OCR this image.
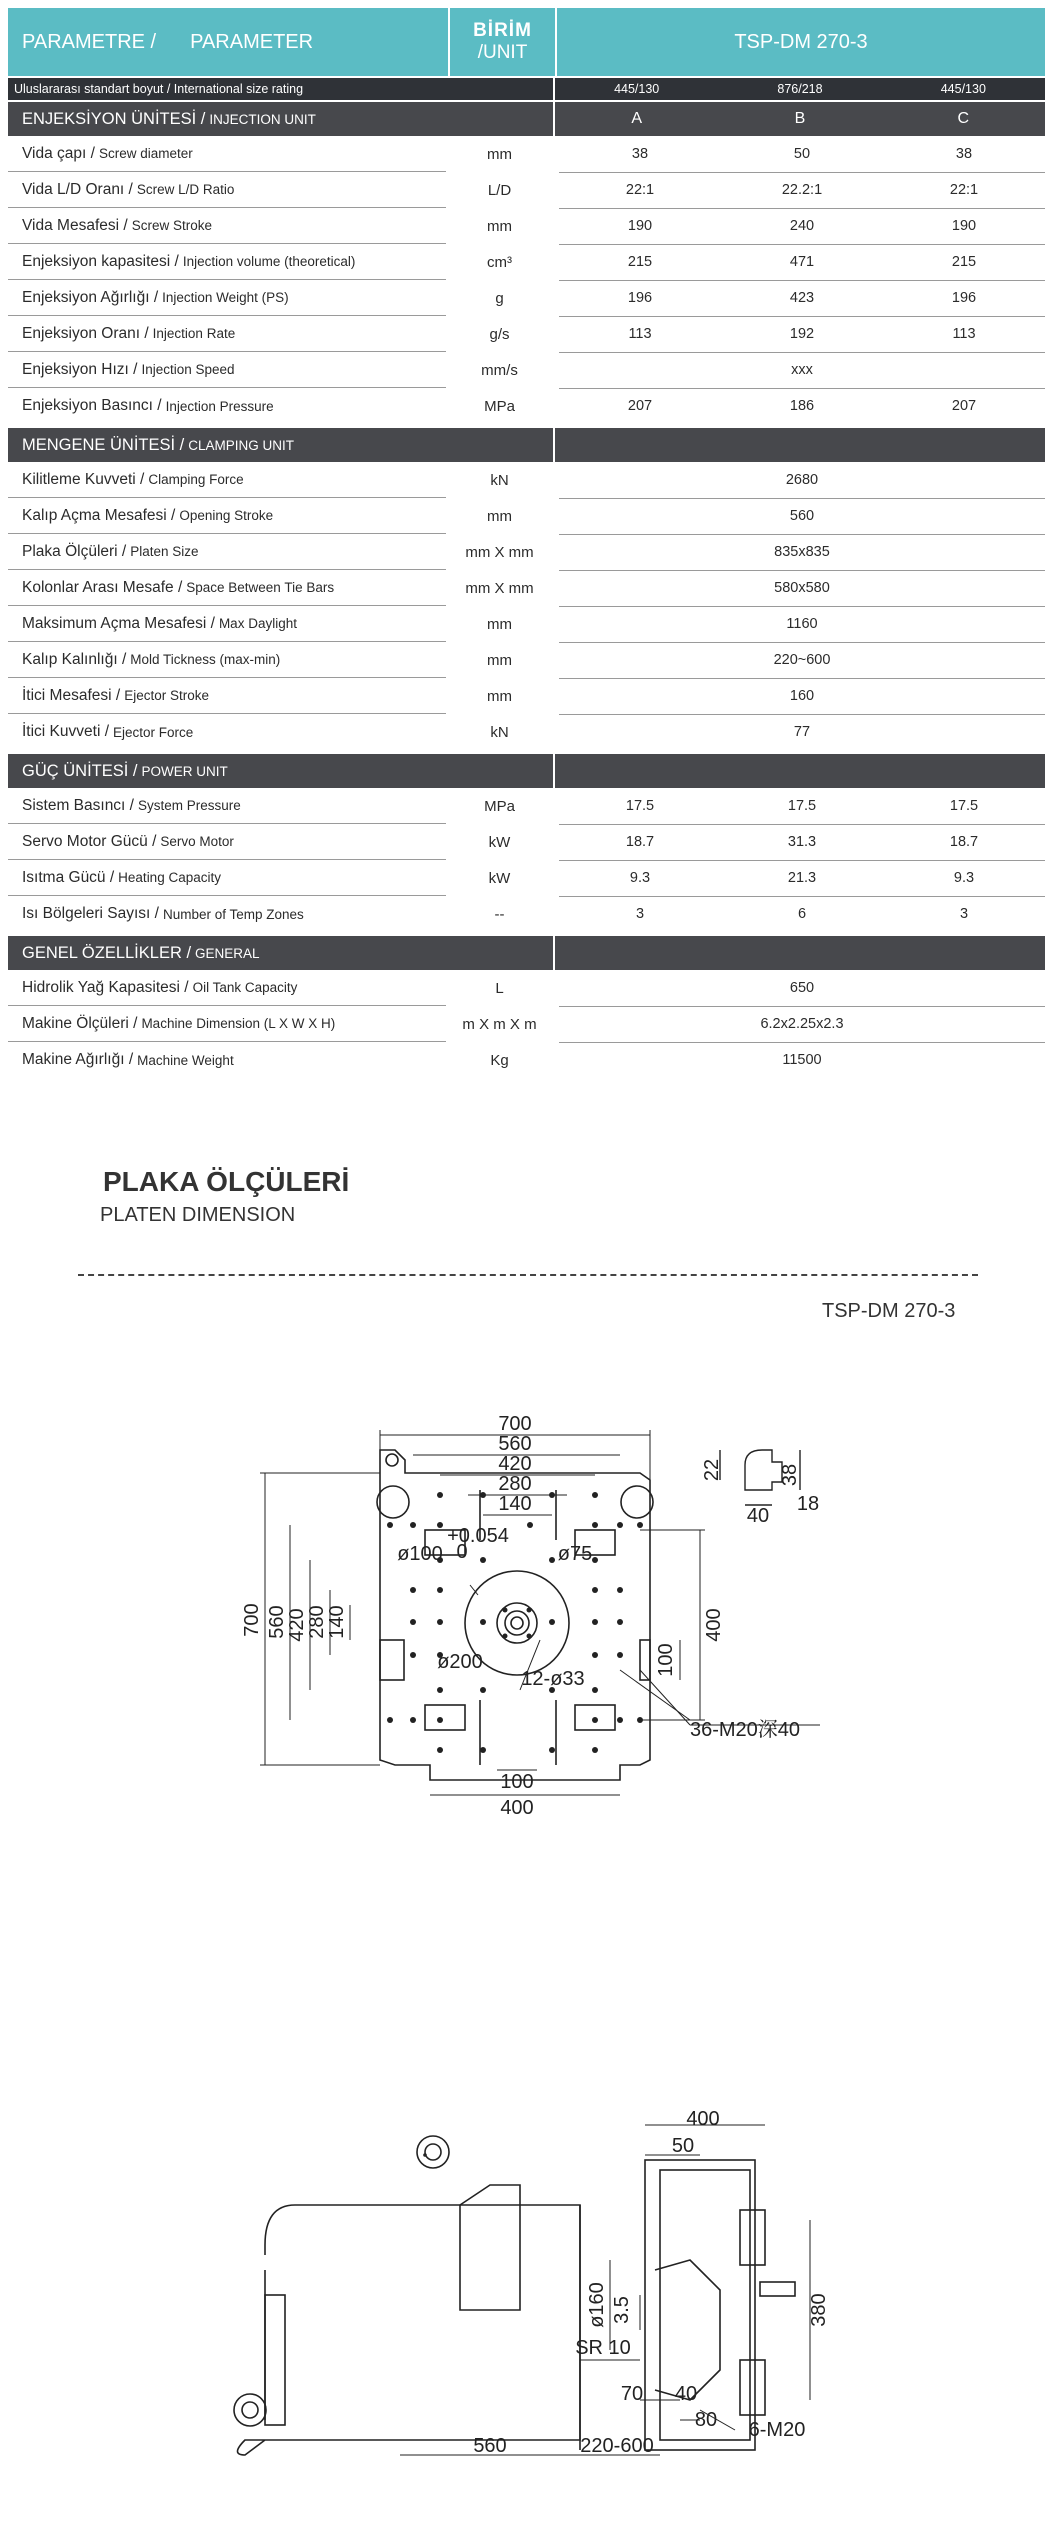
PARAMETRE / PARAMETER	BİRİM
/UNIT	TSP-DM 270-3
Uluslararası standart boyut / International size rating	445/130	876/218	445/130
ENJEKSİYON ÜNİTESİ / INJECTION UNIT	A	B	C
Vida çapı / Screw diameter	mm	38	50	38
Vida L/D Oranı / Screw L/D Ratio	L/D	22:1	22.2:1	22:1
Vida Mesafesi / Screw Stroke	mm	190	240	190
Enjeksiyon kapasitesi / Injection volume (theoretical)	cm³	215	471	215
Enjeksiyon Ağırlığı / Injection Weight (PS)	g	196	423	196
Enjeksiyon Oranı / Injection Rate	g/s	113	192	113
Enjeksiyon Hızı / Injection Speed	mm/s	xxx
Enjeksiyon Basıncı / Injection Pressure	MPa	207	186	207
MENGENE ÜNİTESİ / CLAMPING UNIT
Kilitleme Kuvveti / Clamping Force	kN	2680
Kalıp Açma Mesafesi / Opening Stroke	mm	560
Plaka Ölçüleri / Platen Size	mm X mm	835x835
Kolonlar Arası Mesafe / Space Between Tie Bars	mm X mm	580x580
Maksimum Açma Mesafesi / Max Daylight	mm	1160
Kalıp Kalınlığı / Mold Tickness (max-min)	mm	220~600
İtici Mesafesi / Ejector Stroke	mm	160
İtici Kuvveti / Ejector Force	kN	77
GÜÇ ÜNİTESİ / POWER UNIT
Sistem Basıncı / System Pressure	MPa	17.5	17.5	17.5
Servo Motor Gücü / Servo Motor	kW	18.7	31.3	18.7
Isıtma Gücü / Heating Capacity	kW	9.3	21.3	9.3
Isı Bölgeleri Sayısı / Number of Temp Zones	--	3	6	3
GENEL ÖZELLİKLER / GENERAL
Hidrolik Yağ Kapasitesi / Oil Tank Capacity	L	650
Makine Ölçüleri / Machine Dimension (L X W X H)	m X m X m	6.2x2.25x2.3
Makine Ağırlığı / Machine Weight	Kg	11500
PLAKA ÖLÇÜLERİ
PLATEN DIMENSION
TSP-DM 270-3
700
560
420
280
140
700 560
420
280
140
100
400
400
100
+0.054
0
ø100	ø75
ø200
12-ø33
36-M20深40
22	38
18
40
400
50
380
ø160 3.5
SR 10
70 40
80 6-M20
560	220-600
